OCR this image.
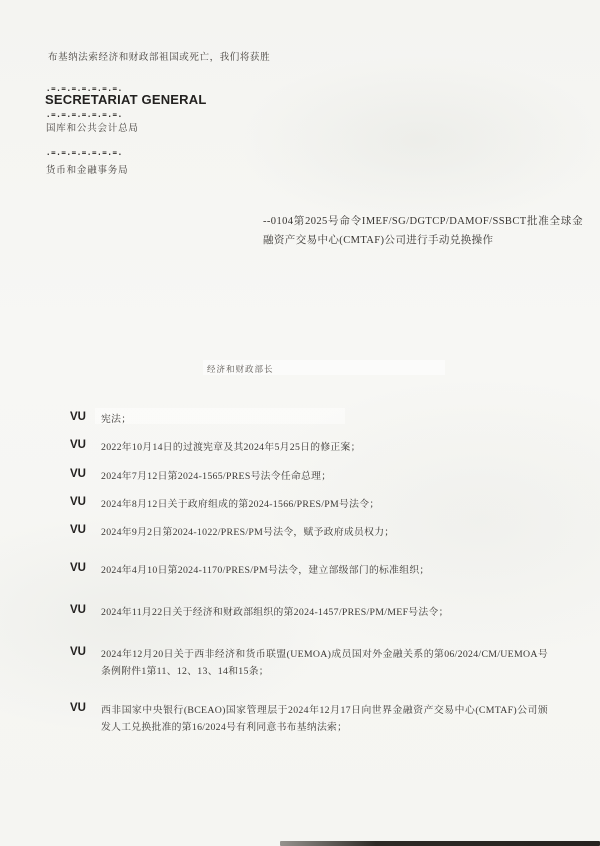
布基纳法索经济和财政部祖国或死亡，我们将获胜
.=.=.=.=.=.=.=.
SECRETARIAT GENERAL
.=.=.=.=.=.=.=.
国库和公共会计总局
.=.=.=.=.=.=.=.
货币和金融事务局
--0104第2025号命令IMEF/SG/DGTCP/DAMOF/SSBCT批准全球金融资产交易中心(CMTAF)公司进行手动兑换操作
经济和财政部长
VU 宪法；
VU 2022年10月14日的过渡宪章及其2024年5月25日的修正案；
VU 2024年7月12日第2024-1565/PRES号法令任命总理；
VU 2024年8月12日关于政府组成的第2024-1566/PRES/PM号法令；
VU 2024年9月2日第2024-1022/PRES/PM号法令，赋予政府成员权力；
VU 2024年4月10日第2024-1170/PRES/PM号法令，建立部级部门的标准组织；
VU 2024年11月22日关于经济和财政部组织的第2024-1457/PRES/PM/MEF号法令；
VU 2024年12月20日关于西非经济和货币联盟(UEMOA)成员国对外金融关系的第06/2024/CM/UEMOA号条例附件1第11、12、13、14和15条；
VU 西非国家中央银行(BCEAO)国家管理层于2024年12月17日向世界金融资产交易中心(CMTAF)公司颁发人工兑换批准的第16/2024号有利同意书布基纳法索；
